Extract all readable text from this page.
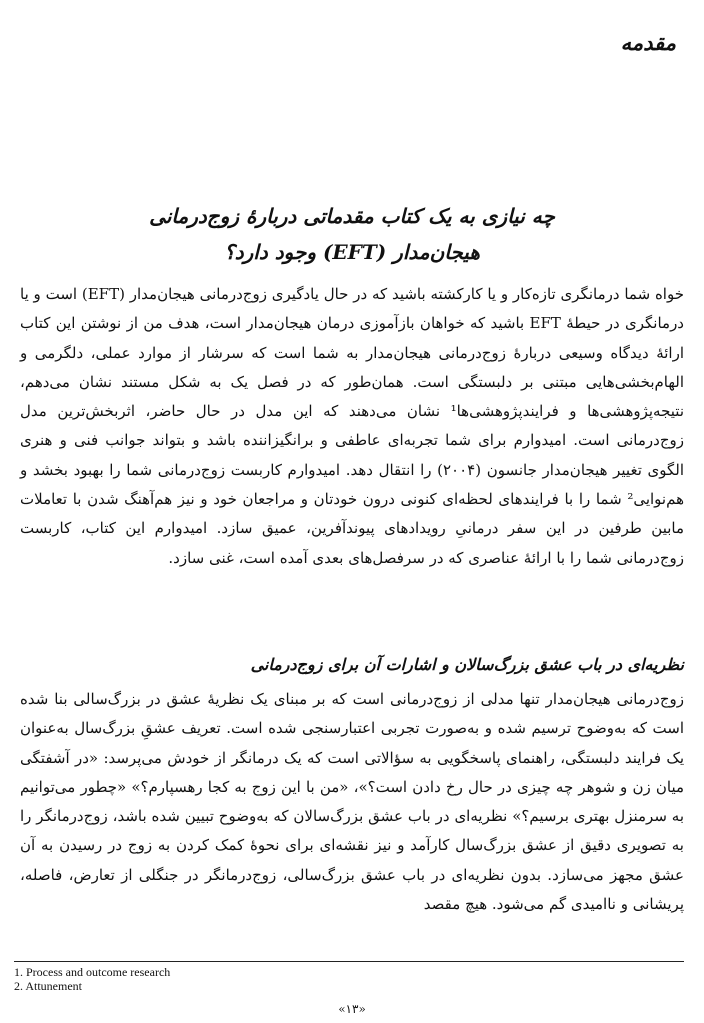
مقدمه
چه نیازی به یک کتاب مقدماتی دربارۀ زوج‌درمانی
هیجان‌مدار (EFT) وجود دارد؟
خواه شما درمانگری تازه‌کار و یا کارکشته باشید که در حال یادگیری زوج‌درمانی هیجان‌مدار (EFT) است و یا درمانگری در حیطۀ EFT باشید که خواهان بازآموزی درمان هیجان‌مدار است، هدف من از نوشتن این کتاب ارائۀ دیدگاه وسیعی دربارۀ زوج‌درمانی هیجان‌مدار به شما است که سرشار از موارد عملی، دلگرمی و الهام‌بخشی‌هایی مبتنی بر دلبستگی است. همان‌طور که در فصل یک به شکل مستند نشان می‌دهم، نتیجه‌پژوهشی‌ها و فرایندپژوهشی‌ها¹ نشان می‌دهند که این مدل در حال حاضر، اثربخش‌ترین مدل زوج‌درمانی است. امیدوارم برای شما تجربه‌ای عاطفی و برانگیزاننده باشد و بتواند جوانب فنی و هنری الگوی تغییر هیجان‌مدار جانسون (۲۰۰۴) را انتقال دهد. امیدوارم کاربست زوج‌درمانی شما را بهبود بخشد و هم‌نوایی² شما را با فرایندهای لحظه‌ای کنونی درون خودتان و مراجعان خود و نیز هم‌آهنگ شدن با تعاملات مابین طرفین در این سفر درمانیِ رویدادهای پیوندآفرین، عمیق سازد. امیدوارم این کتاب، کاربست زوج‌درمانی شما را با ارائۀ عناصری که در سرفصل‌های بعدی آمده است، غنی سازد.
نظریه‌ای در باب عشق بزرگ‌سالان و اشارات آن برای زوج‌درمانی
زوج‌درمانی هیجان‌مدار تنها مدلی از زوج‌درمانی است که بر مبنای یک نظریۀ عشق در بزرگ‌سالی بنا شده است که به‌وضوح ترسیم شده و به‌صورت تجربی اعتبارسنجی شده است. تعریف عشقِ بزرگ‌سال به‌عنوان یک فرایند دلبستگی، راهنمای پاسخگویی به سؤالاتی است که یک درمانگر از خودش می‌پرسد: «در آشفتگی میان زن و شوهر چه چیزی در حال رخ دادن است؟»، «من با این زوج به کجا رهسپارم؟» «چطور می‌توانیم به سرمنزل بهتری برسیم؟» نظریه‌ای در باب عشق بزرگ‌سالان که به‌وضوح تبیین شده باشد، زوج‌درمانگر را به تصویری دقیق از عشق بزرگ‌سال کارآمد و نیز نقشه‌ای برای نحوۀ کمک کردن به زوج در رسیدن به آن عشق مجهز می‌سازد. بدون نظریه‌ای در باب عشق بزرگ‌سالی، زوج‌درمانگر در جنگلی از تعارض، فاصله، پریشانی و ناامیدی گم می‌شود. هیچ مقصد
1. Process and outcome research
2. Attunement
«۱۳»
